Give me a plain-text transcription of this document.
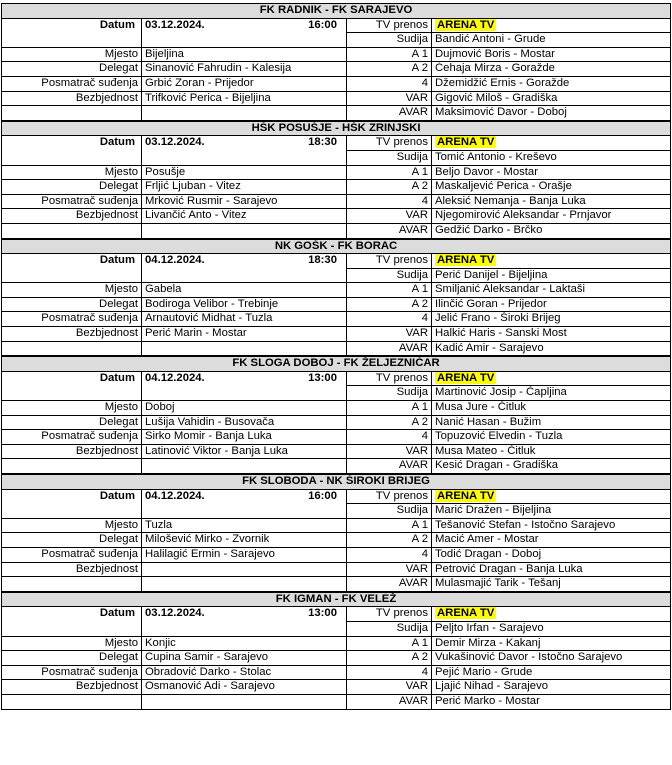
FK RADNIK - FK SARAJEVO			
Datum	03.12.2024. 16:00	TV prenos	ARENA TV
		Sudija	Bandić Antoni - Grude
Mjesto	Bijeljina	A 1	Dujmović Boris - Mostar
Delegat	Sinanović Fahrudin - Kalesija	A 2	Ćehaja Mirza - Goražde
Posmatrač suđenja	Grbić Zoran - Prijedor	4	Džemidžić Ernis - Goražde
Bezbjednost	Trifković Perica - Bijeljina	VAR	Gigović Miloš - Gradiška
		AVAR	Maksimović Davor - Doboj
HŠK POSUŠJE - HŠK ZRINJSKI			
Datum	03.12.2024. 18:30	TV prenos	ARENA TV
		Sudija	Tomić Antonio - Kreševo
Mjesto	Posušje	A 1	Beljo Davor - Mostar
Delegat	Frljić Ljuban - Vitez	A 2	Maskaljević Perica - Orašje
Posmatrač suđenja	Mrković Rusmir - Sarajevo	4	Aleksić Nemanja - Banja Luka
Bezbjednost	Livančić Anto - Vitez	VAR	Njegomirović Aleksandar - Prnjavor
		AVAR	Gedžić Darko - Brčko
NK GOŠK - FK BORAC			
Datum	04.12.2024. 18:30	TV prenos	ARENA TV
		Sudija	Perić Danijel - Bijeljina
Mjesto	Gabela	A 1	Smiljanić Aleksandar - Laktaši
Delegat	Bodiroga Velibor - Trebinje	A 2	Ilinčić Goran - Prijedor
Posmatrač suđenja	Arnautović Midhat - Tuzla	4	Jelić Frano - Široki Brijeg
Bezbjednost	Perić Marin - Mostar	VAR	Halkić Haris - Sanski Most
		AVAR	Kadić Amir - Sarajevo
FK SLOGA DOBOJ - FK ŽELJEZNIČAR			
Datum	04.12.2024. 13:00	TV prenos	ARENA TV
		Sudija	Martinović Josip - Čapljina
Mjesto	Doboj	A 1	Musa Jure - Čitluk
Delegat	Lušija Vahidin - Busovača	A 2	Nanić Hasan - Bužim
Posmatrač suđenja	Sirko Momir - Banja Luka	4	Topuzović Elvedin - Tuzla
Bezbjednost	Latinović Viktor - Banja Luka	VAR	Musa Mateo - Čitluk
		AVAR	Kesić Dragan - Gradiška
FK SLOBODA - NK ŠIROKI BRIJEG			
Datum	04.12.2024. 16:00	TV prenos	ARENA TV
		Sudija	Marić Dražen - Bijeljina
Mjesto	Tuzla	A 1	Tešanović Stefan - Istočno Sarajevo
Delegat	Milošević Mirko - Zvornik	A 2	Macić Amer - Mostar
Posmatrač suđenja	Halilagić Ermin - Sarajevo	4	Todić Dragan - Doboj
Bezbjednost		VAR	Petrović Dragan - Banja Luka
		AVAR	Mulasmajić Tarik - Tešanj
FK IGMAN - FK VELEŽ			
Datum	03.12.2024. 13:00	TV prenos	ARENA TV
		Sudija	Peljto Irfan - Sarajevo
Mjesto	Konjic	A 1	Demir Mirza - Kakanj
Delegat	Cupina Samir - Sarajevo	A 2	Vukašinović Davor - Istočno Sarajevo
Posmatrač suđenja	Obradović Darko - Stolac	4	Pejić Mario - Grude
Bezbjednost	Osmanović Adi - Sarajevo	VAR	Ljajić Nihad - Sarajevo
		AVAR	Perić Marko - Mostar
